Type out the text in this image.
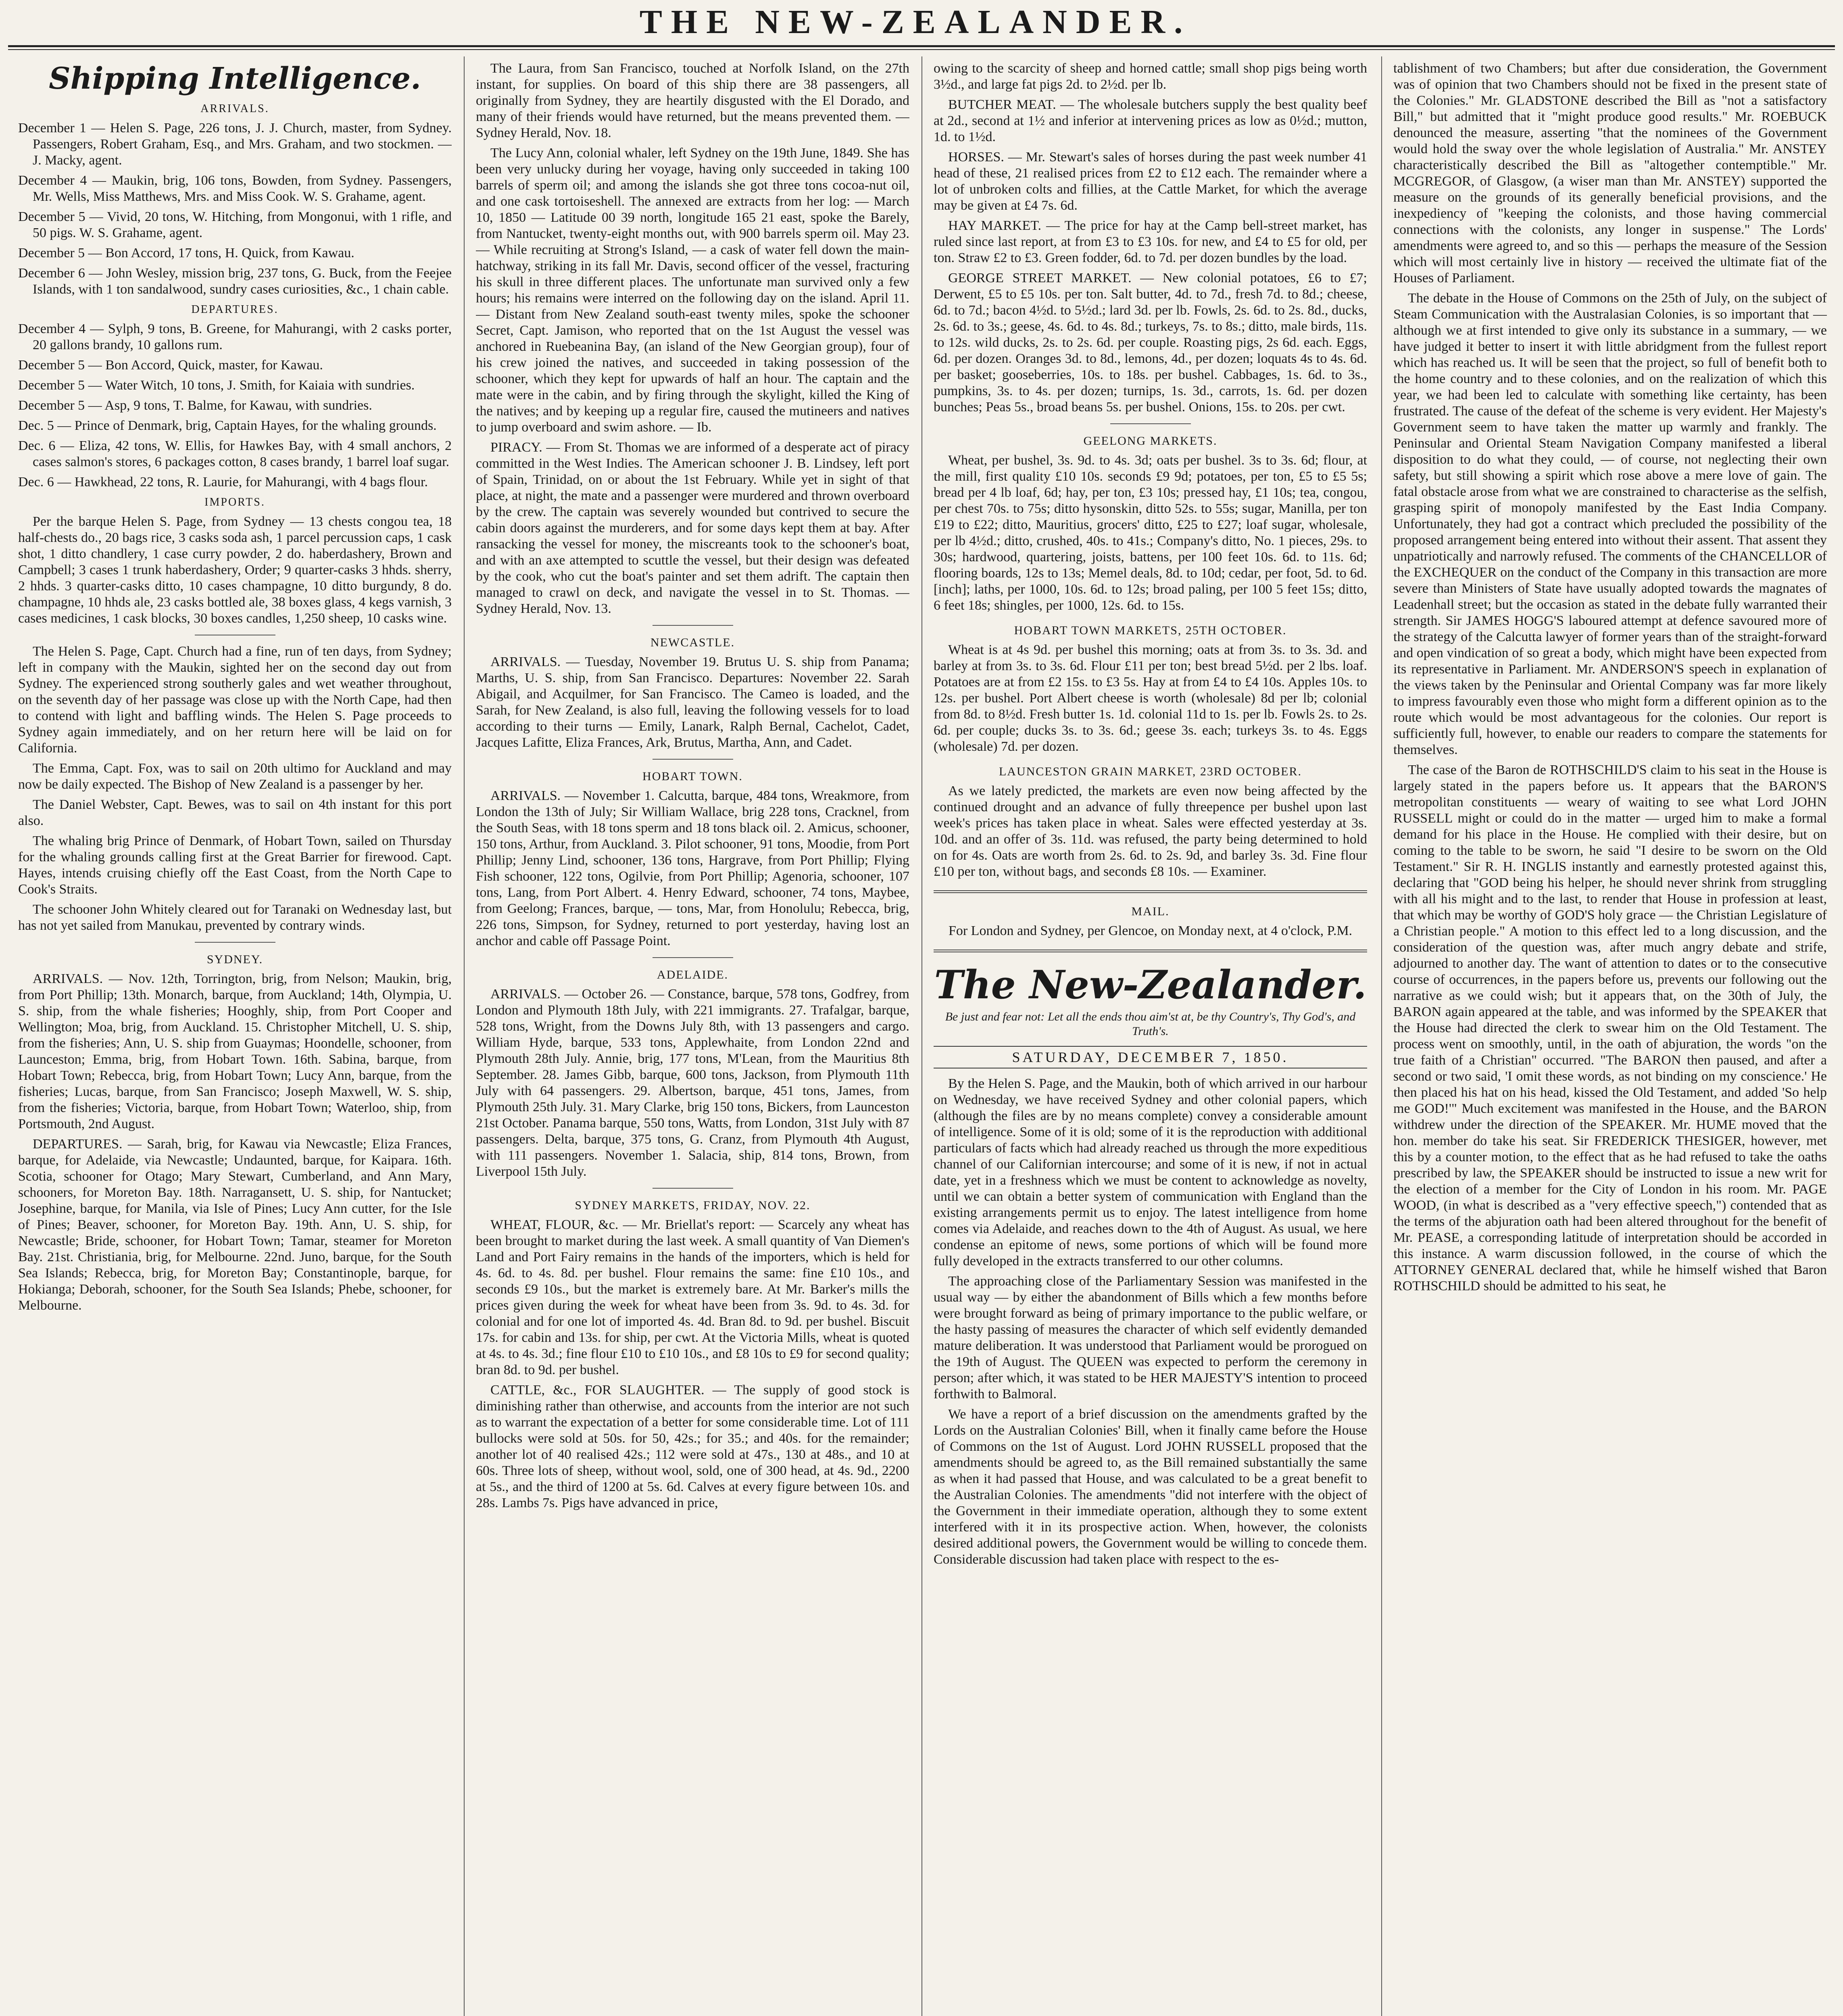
THE NEW-ZEALANDER.
Shipping Intelligence.
ARRIVALS.

December 1 — Helen S. Page, 226 tons, J. J. Church, master, from Sydney. Passengers, Robert Graham, Esq., and Mrs. Graham, and two stockmen. — J. Macky, agent.

December 4 — Maukin, brig, 106 tons, Bowden, from Sydney. Passengers, Mr. Wells, Miss Matthews, Mrs. and Miss Cook. W. S. Grahame, agent.

December 5 — Vivid, 20 tons, W. Hitching, from Mongonui, with 1 rifle, and 50 pigs. W. S. Grahame, agent.

December 5 — Bon Accord, 17 tons, H. Quick, from Kawau.

December 6 — John Wesley, mission brig, 237 tons, G. Buck, from the Feejee Islands, with 1 ton sandalwood, sundry cases curiosities, &c., 1 chain cable.

DEPARTURES.

December 4 — Sylph, 9 tons, B. Greene, for Mahurangi, with 2 casks porter, 20 gallons brandy, 10 gallons rum.

December 5 — Bon Accord, Quick, master, for Kawau.

December 5 — Water Witch, 10 tons, J. Smith, for Kaiaia with sundries.

December 5 — Asp, 9 tons, T. Balme, for Kawau, with sundries.

Dec. 5 — Prince of Denmark, brig, Captain Hayes, for the whaling grounds.

Dec. 6 — Eliza, 42 tons, W. Ellis, for Hawkes Bay, with 4 small anchors, 2 cases salmon's stores, 6 packages cotton, 8 cases brandy, 1 barrel loaf sugar.

Dec. 6 — Hawkhead, 22 tons, R. Laurie, for Mahurangi, with 4 bags flour.

IMPORTS.

Per the barque Helen S. Page, from Sydney — 13 chests congou tea, 18 half-chests do., 20 bags rice, 3 casks soda ash, 1 parcel percussion caps, 1 cask shot, 1 ditto chandlery, 1 case curry powder, 2 do. haberdashery, Brown and Campbell; 3 cases 1 trunk haberdashery, Order; 9 quarter-casks 3 hhds. sherry, 2 hhds. 3 quarter-casks ditto, 10 cases champagne, 10 ditto burgundy, 8 do. champagne, 10 hhds ale, 23 casks bottled ale, 38 boxes glass, 4 kegs varnish, 3 cases medicines, 1 cask blocks, 30 boxes candles, 1,250 sheep, 10 casks wine.

The Helen S. Page, Capt. Church had a fine, run of ten days, from Sydney; left in company with the Maukin, sighted her on the second day out from Sydney. The experienced strong southerly gales and wet weather throughout, on the seventh day of her passage was close up with the North Cape, had then to contend with light and baffling winds. The Helen S. Page proceeds to Sydney again immediately, and on her return here will be laid on for California.

The Emma, Capt. Fox, was to sail on 20th ultimo for Auckland and may now be daily expected. The Bishop of New Zealand is a passenger by her.

The Daniel Webster, Capt. Bewes, was to sail on 4th instant for this port also.

The whaling brig Prince of Denmark, of Hobart Town, sailed on Thursday for the whaling grounds calling first at the Great Barrier for firewood. Capt. Hayes, intends cruising chiefly off the East Coast, from the North Cape to Cook's Straits.

The schooner John Whitely cleared out for Taranaki on Wednesday last, but has not yet sailed from Manukau, prevented by contrary winds.

SYDNEY.

ARRIVALS. — Nov. 12th, Torrington, brig, from Nelson; Maukin, brig, from Port Phillip; 13th. Monarch, barque, from Auckland; 14th, Olympia, U. S. ship, from the whale fisheries; Hooghly, ship, from Port Cooper and Wellington; Moa, brig, from Auckland. 15. Christopher Mitchell, U. S. ship, from the fisheries; Ann, U. S. ship from Guaymas; Hoondelle, schooner, from Launceston; Emma, brig, from Hobart Town. 16th. Sabina, barque, from Hobart Town; Rebecca, brig, from Hobart Town; Lucy Ann, barque, from the fisheries; Lucas, barque, from San Francisco; Joseph Maxwell, W. S. ship, from the fisheries; Victoria, barque, from Hobart Town; Waterloo, ship, from Portsmouth, 2nd August.

DEPARTURES. — Sarah, brig, for Kawau via Newcastle; Eliza Frances, barque, for Adelaide, via Newcastle; Undaunted, barque, for Kaipara. 16th. Scotia, schooner for Otago; Mary Stewart, Cumberland, and Ann Mary, schooners, for Moreton Bay. 18th. Narragansett, U. S. ship, for Nantucket; Josephine, barque, for Manila, via Isle of Pines; Lucy Ann cutter, for the Isle of Pines; Beaver, schooner, for Moreton Bay. 19th. Ann, U. S. ship, for Newcastle; Bride, schooner, for Hobart Town; Tamar, steamer for Moreton Bay. 21st. Christiania, brig, for Melbourne. 22nd. Juno, barque, for the South Sea Islands; Rebecca, brig, for Moreton Bay; Constantinople, barque, for Hokianga; Deborah, schooner, for the South Sea Islands; Phebe, schooner, for Melbourne.

The Laura, from San Francisco, touched at Norfolk Island, on the 27th instant, for supplies. On board of this ship there are 38 passengers, all originally from Sydney, they are heartily disgusted with the El Dorado, and many of their friends would have returned, but the means prevented them. — Sydney Herald, Nov. 18.

The Lucy Ann, colonial whaler, left Sydney on the 19th June, 1849. She has been very unlucky during her voyage, having only succeeded in taking 100 barrels of sperm oil; and among the islands she got three tons cocoa-nut oil, and one cask tortoiseshell. The annexed are extracts from her log: — March 10, 1850 — Latitude 00 39 north, longitude 165 21 east, spoke the Barely, from Nantucket, twenty-eight months out, with 900 barrels sperm oil. May 23. — While recruiting at Strong's Island, — a cask of water fell down the main-hatchway, striking in its fall Mr. Davis, second officer of the vessel, fracturing his skull in three different places. The unfortunate man survived only a few hours; his remains were interred on the following day on the island. April 11. — Distant from New Zealand south-east twenty miles, spoke the schooner Secret, Capt. Jamison, who reported that on the 1st August the vessel was anchored in Ruebeanina Bay, (an island of the New Georgian group), four of his crew joined the natives, and succeeded in taking possession of the schooner, which they kept for upwards of half an hour. The captain and the mate were in the cabin, and by firing through the skylight, killed the King of the natives; and by keeping up a regular fire, caused the mutineers and natives to jump overboard and swim ashore. — Ib.

PIRACY. — From St. Thomas we are informed of a desperate act of piracy committed in the West Indies. The American schooner J. B. Lindsey, left port of Spain, Trinidad, on or about the 1st February. While yet in sight of that place, at night, the mate and a passenger were murdered and thrown overboard by the crew. The captain was severely wounded but contrived to secure the cabin doors against the murderers, and for some days kept them at bay. After ransacking the vessel for money, the miscreants took to the schooner's boat, and with an axe attempted to scuttle the vessel, but their design was defeated by the cook, who cut the boat's painter and set them adrift. The captain then managed to crawl on deck, and navigate the vessel in to St. Thomas. — Sydney Herald, Nov. 13.

NEWCASTLE.

ARRIVALS. — Tuesday, November 19. Brutus U. S. ship from Panama; Marths, U. S. ship, from San Francisco. Departures: November 22. Sarah Abigail, and Acquilmer, for San Francisco. The Cameo is loaded, and the Sarah, for New Zealand, is also full, leaving the following vessels for to load according to their turns — Emily, Lanark, Ralph Bernal, Cachelot, Cadet, Jacques Lafitte, Eliza Frances, Ark, Brutus, Martha, Ann, and Cadet.

HOBART TOWN.

ARRIVALS. — November 1. Calcutta, barque, 484 tons, Wreakmore, from London the 13th of July; Sir William Wallace, brig 228 tons, Cracknel, from the South Seas, with 18 tons sperm and 18 tons black oil. 2. Amicus, schooner, 150 tons, Arthur, from Auckland. 3. Pilot schooner, 91 tons, Moodie, from Port Phillip; Jenny Lind, schooner, 136 tons, Hargrave, from Port Phillip; Flying Fish schooner, 122 tons, Ogilvie, from Port Phillip; Agenoria, schooner, 107 tons, Lang, from Port Albert. 4. Henry Edward, schooner, 74 tons, Maybee, from Geelong; Frances, barque, — tons, Mar, from Honolulu; Rebecca, brig, 226 tons, Simpson, for Sydney, returned to port yesterday, having lost an anchor and cable off Passage Point.

ADELAIDE.

ARRIVALS. — October 26. — Constance, barque, 578 tons, Godfrey, from London and Plymouth 18th July, with 221 immigrants. 27. Trafalgar, barque, 528 tons, Wright, from the Downs July 8th, with 13 passengers and cargo. William Hyde, barque, 533 tons, Applewhaite, from London 22nd and Plymouth 28th July. Annie, brig, 177 tons, M'Lean, from the Mauritius 8th September. 28. James Gibb, barque, 600 tons, Jackson, from Plymouth 11th July with 64 passengers. 29. Albertson, barque, 451 tons, James, from Plymouth 25th July. 31. Mary Clarke, brig 150 tons, Bickers, from Launceston 21st October. Panama barque, 550 tons, Watts, from London, 31st July with 87 passengers. Delta, barque, 375 tons, G. Cranz, from Plymouth 4th August, with 111 passengers. November 1. Salacia, ship, 814 tons, Brown, from Liverpool 15th July.

SYDNEY MARKETS, FRIDAY, NOV. 22.

WHEAT, FLOUR, &c. — Mr. Briellat's report: — Scarcely any wheat has been brought to market during the last week. A small quantity of Van Diemen's Land and Port Fairy remains in the hands of the importers, which is held for 4s. 6d. to 4s. 8d. per bushel. Flour remains the same: fine £10 10s., and seconds £9 10s., but the market is extremely bare. At Mr. Barker's mills the prices given during the week for wheat have been from 3s. 9d. to 4s. 3d. for colonial and for one lot of imported 4s. 4d. Bran 8d. to 9d. per bushel. Biscuit 17s. for cabin and 13s. for ship, per cwt. At the Victoria Mills, wheat is quoted at 4s. to 4s. 3d.; fine flour £10 to £10 10s., and £8 10s to £9 for second quality; bran 8d. to 9d. per bushel.

CATTLE, &c., FOR SLAUGHTER. — The supply of good stock is diminishing rather than otherwise, and accounts from the interior are not such as to warrant the expectation of a better for some considerable time. Lot of 111 bullocks were sold at 50s. for 50, 42s.; for 35.; and 40s. for the remainder; another lot of 40 realised 42s.; 112 were sold at 47s., 130 at 48s., and 10 at 60s. Three lots of sheep, without wool, sold, one of 300 head, at 4s. 9d., 2200 at 5s., and the third of 1200 at 5s. 6d. Calves at every figure between 10s. and 28s. Lambs 7s. Pigs have advanced in price,

owing to the scarcity of sheep and horned cattle; small shop pigs being worth 3½d., and large fat pigs 2d. to 2½d. per lb.

BUTCHER MEAT. — The wholesale butchers supply the best quality beef at 2d., second at 1½ and inferior at intervening prices as low as 0½d.; mutton, 1d. to 1½d.

HORSES. — Mr. Stewart's sales of horses during the past week number 41 head of these, 21 realised prices from £2 to £12 each. The remainder where a lot of unbroken colts and fillies, at the Cattle Market, for which the average may be given at £4 7s. 6d.

HAY MARKET. — The price for hay at the Camp bell-street market, has ruled since last report, at from £3 to £3 10s. for new, and £4 to £5 for old, per ton. Straw £2 to £3. Green fodder, 6d. to 7d. per dozen bundles by the load.

GEORGE STREET MARKET. — New colonial potatoes, £6 to £7; Derwent, £5 to £5 10s. per ton. Salt butter, 4d. to 7d., fresh 7d. to 8d.; cheese, 6d. to 7d.; bacon 4½d. to 5½d.; lard 3d. per lb. Fowls, 2s. 6d. to 2s. 8d., ducks, 2s. 6d. to 3s.; geese, 4s. 6d. to 4s. 8d.; turkeys, 7s. to 8s.; ditto, male birds, 11s. to 12s. wild ducks, 2s. to 2s. 6d. per couple. Roasting pigs, 2s 6d. each. Eggs, 6d. per dozen. Oranges 3d. to 8d., lemons, 4d., per dozen; loquats 4s to 4s. 6d. per basket; gooseberries, 10s. to 18s. per bushel. Cabbages, 1s. 6d. to 3s., pumpkins, 3s. to 4s. per dozen; turnips, 1s. 3d., carrots, 1s. 6d. per dozen bunches; Peas 5s., broad beans 5s. per bushel. Onions, 15s. to 20s. per cwt.

GEELONG MARKETS.

Wheat, per bushel, 3s. 9d. to 4s. 3d; oats per bushel. 3s to 3s. 6d; flour, at the mill, first quality £10 10s. seconds £9 9d; potatoes, per ton, £5 to £5 5s; bread per 4 lb loaf, 6d; hay, per ton, £3 10s; pressed hay, £1 10s; tea, congou, per chest 70s. to 75s; ditto hysonskin, ditto 52s. to 55s; sugar, Manilla, per ton £19 to £22; ditto, Mauritius, grocers' ditto, £25 to £27; loaf sugar, wholesale, per lb 4½d.; ditto, crushed, 40s. to 41s.; Company's ditto, No. 1 pieces, 29s. to 30s; hardwood, quartering, joists, battens, per 100 feet 10s. 6d. to 11s. 6d; flooring boards, 12s to 13s; Memel deals, 8d. to 10d; cedar, per foot, 5d. to 6d. [inch]; laths, per 1000, 10s. 6d. to 12s; broad paling, per 100 5 feet 15s; ditto, 6 feet 18s; shingles, per 1000, 12s. 6d. to 15s.

HOBART TOWN MARKETS, 25TH OCTOBER.

Wheat is at 4s 9d. per bushel this morning; oats at from 3s. to 3s. 3d. and barley at from 3s. to 3s. 6d. Flour £11 per ton; best bread 5½d. per 2 lbs. loaf. Potatoes are at from £2 15s. to £3 5s. Hay at from £4 to £4 10s. Apples 10s. to 12s. per bushel. Port Albert cheese is worth (wholesale) 8d per lb; colonial from 8d. to 8½d. Fresh butter 1s. 1d. colonial 11d to 1s. per lb. Fowls 2s. to 2s. 6d. per couple; ducks 3s. to 3s. 6d.; geese 3s. each; turkeys 3s. to 4s. Eggs (wholesale) 7d. per dozen.

LAUNCESTON GRAIN MARKET, 23RD OCTOBER.

As we lately predicted, the markets are even now being affected by the continued drought and an advance of fully threepence per bushel upon last week's prices has taken place in wheat. Sales were effected yesterday at 3s. 10d. and an offer of 3s. 11d. was refused, the party being determined to hold on for 4s. Oats are worth from 2s. 6d. to 2s. 9d, and barley 3s. 3d. Fine flour £10 per ton, without bags, and seconds £8 10s. — Examiner.

MAIL.

For London and Sydney, per Glencoe, on Monday next, at 4 o'clock, P.M.

The New-Zealander.
Be just and fear not: Let all the ends thou aim'st at, be thy Country's, Thy God's, and Truth's.
SATURDAY, DECEMBER 7, 1850.

By the Helen S. Page, and the Maukin, both of which arrived in our harbour on Wednesday, we have received Sydney and other colonial papers, which (although the files are by no means complete) convey a considerable amount of intelligence. Some of it is old; some of it is the reproduction with additional particulars of facts which had already reached us through the more expeditious channel of our Californian intercourse; and some of it is new, if not in actual date, yet in a freshness which we must be content to acknowledge as novelty, until we can obtain a better system of communication with England than the existing arrangements permit us to enjoy. The latest intelligence from home comes via Adelaide, and reaches down to the 4th of August. As usual, we here condense an epitome of news, some portions of which will be found more fully developed in the extracts transferred to our other columns.

The approaching close of the Parliamentary Session was manifested in the usual way — by either the abandonment of Bills which a few months before were brought forward as being of primary importance to the public welfare, or the hasty passing of measures the character of which self evidently demanded mature deliberation. It was understood that Parliament would be prorogued on the 19th of August. The QUEEN was expected to perform the ceremony in person; after which, it was stated to be HER MAJESTY'S intention to proceed forthwith to Balmoral.

We have a report of a brief discussion on the amendments grafted by the Lords on the Australian Colonies' Bill, when it finally came before the House of Commons on the 1st of August. Lord JOHN RUSSELL proposed that the amendments should be agreed to, as the Bill remained substantially the same as when it had passed that House, and was calculated to be a great benefit to the Australian Colonies. The amendments "did not interfere with the object of the Government in their immediate operation, although they to some extent interfered with it in its prospective action. When, however, the colonists desired additional powers, the Government would be willing to concede them. Considerable discussion had taken place with respect to the es-

tablishment of two Chambers; but after due consideration, the Government was of opinion that two Chambers should not be fixed in the present state of the Colonies." Mr. GLADSTONE described the Bill as "not a satisfactory Bill," but admitted that it "might produce good results." Mr. ROEBUCK denounced the measure, asserting "that the nominees of the Government would hold the sway over the whole legislation of Australia." Mr. ANSTEY characteristically described the Bill as "altogether contemptible." Mr. MCGREGOR, of Glasgow, (a wiser man than Mr. ANSTEY) supported the measure on the grounds of its generally beneficial provisions, and the inexpediency of "keeping the colonists, and those having commercial connections with the colonists, any longer in suspense." The Lords' amendments were agreed to, and so this — perhaps the measure of the Session which will most certainly live in history — received the ultimate fiat of the Houses of Parliament.

The debate in the House of Commons on the 25th of July, on the subject of Steam Communication with the Australasian Colonies, is so important that — although we at first intended to give only its substance in a summary, — we have judged it better to insert it with little abridgment from the fullest report which has reached us. It will be seen that the project, so full of benefit both to the home country and to these colonies, and on the realization of which this year, we had been led to calculate with something like certainty, has been frustrated. The cause of the defeat of the scheme is very evident. Her Majesty's Government seem to have taken the matter up warmly and frankly. The Peninsular and Oriental Steam Navigation Company manifested a liberal disposition to do what they could, — of course, not neglecting their own safety, but still showing a spirit which rose above a mere love of gain. The fatal obstacle arose from what we are constrained to characterise as the selfish, grasping spirit of monopoly manifested by the East India Company. Unfortunately, they had got a contract which precluded the possibility of the proposed arrangement being entered into without their assent. That assent they unpatriotically and narrowly refused. The comments of the CHANCELLOR of the EXCHEQUER on the conduct of the Company in this transaction are more severe than Ministers of State have usually adopted towards the magnates of Leadenhall street; but the occasion as stated in the debate fully warranted their strength. Sir JAMES HOGG'S laboured attempt at defence savoured more of the strategy of the Calcutta lawyer of former years than of the straight-forward and open vindication of so great a body, which might have been expected from its representative in Parliament. Mr. ANDERSON'S speech in explanation of the views taken by the Peninsular and Oriental Company was far more likely to impress favourably even those who might form a different opinion as to the route which would be most advantageous for the colonies. Our report is sufficiently full, however, to enable our readers to compare the statements for themselves.

The case of the Baron de ROTHSCHILD'S claim to his seat in the House is largely stated in the papers before us. It appears that the BARON'S metropolitan constituents — weary of waiting to see what Lord JOHN RUSSELL might or could do in the matter — urged him to make a formal demand for his place in the House. He complied with their desire, but on coming to the table to be sworn, he said "I desire to be sworn on the Old Testament." Sir R. H. INGLIS instantly and earnestly protested against this, declaring that "GOD being his helper, he should never shrink from struggling with all his might and to the last, to render that House in profession at least, that which may be worthy of GOD'S holy grace — the Christian Legislature of a Christian people." A motion to this effect led to a long discussion, and the consideration of the question was, after much angry debate and strife, adjourned to another day. The want of attention to dates or to the consecutive course of occurrences, in the papers before us, prevents our following out the narrative as we could wish; but it appears that, on the 30th of July, the BARON again appeared at the table, and was informed by the SPEAKER that the House had directed the clerk to swear him on the Old Testament. The process went on smoothly, until, in the oath of abjuration, the words "on the true faith of a Christian" occurred. "The BARON then paused, and after a second or two said, 'I omit these words, as not binding on my conscience.' He then placed his hat on his head, kissed the Old Testament, and added 'So help me GOD!'" Much excitement was manifested in the House, and the BARON withdrew under the direction of the SPEAKER. Mr. HUME moved that the hon. member do take his seat. Sir FREDERICK THESIGER, however, met this by a counter motion, to the effect that as he had refused to take the oaths prescribed by law, the SPEAKER should be instructed to issue a new writ for the election of a member for the City of London in his room. Mr. PAGE WOOD, (in what is described as a "very effective speech,") contended that as the terms of the abjuration oath had been altered throughout for the benefit of Mr. PEASE, a corresponding latitude of interpretation should be accorded in this instance. A warm discussion followed, in the course of which the ATTORNEY GENERAL declared that, while he himself wished that Baron ROTHSCHILD should be admitted to his seat, he
